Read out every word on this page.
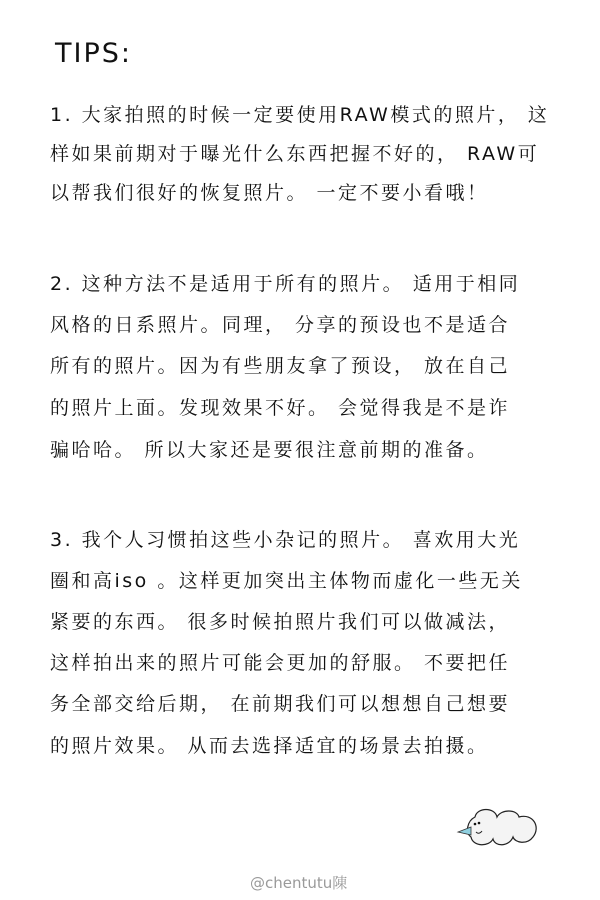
TIPS:
1. 大家拍照的时候一定要使用RAW模式的照片， 这
样如果前期对于曝光什么东西把握不好的， RAW可
以帮我们很好的恢复照片。 一定不要小看哦！
2. 这种方法不是适用于所有的照片。 适用于相同
风格的日系照片。同理， 分享的预设也不是适合
所有的照片。因为有些朋友拿了预设， 放在自己
的照片上面。发现效果不好。 会觉得我是不是诈
骗哈哈。 所以大家还是要很注意前期的准备。
3. 我个人习惯拍这些小杂记的照片。 喜欢用大光
圈和高iso 。这样更加突出主体物而虚化一些无关
紧要的东西。 很多时候拍照片我们可以做减法，
这样拍出来的照片可能会更加的舒服。 不要把任
务全部交给后期， 在前期我们可以想想自己想要
的照片效果。 从而去选择适宜的场景去拍摄。
@chentutu陳
